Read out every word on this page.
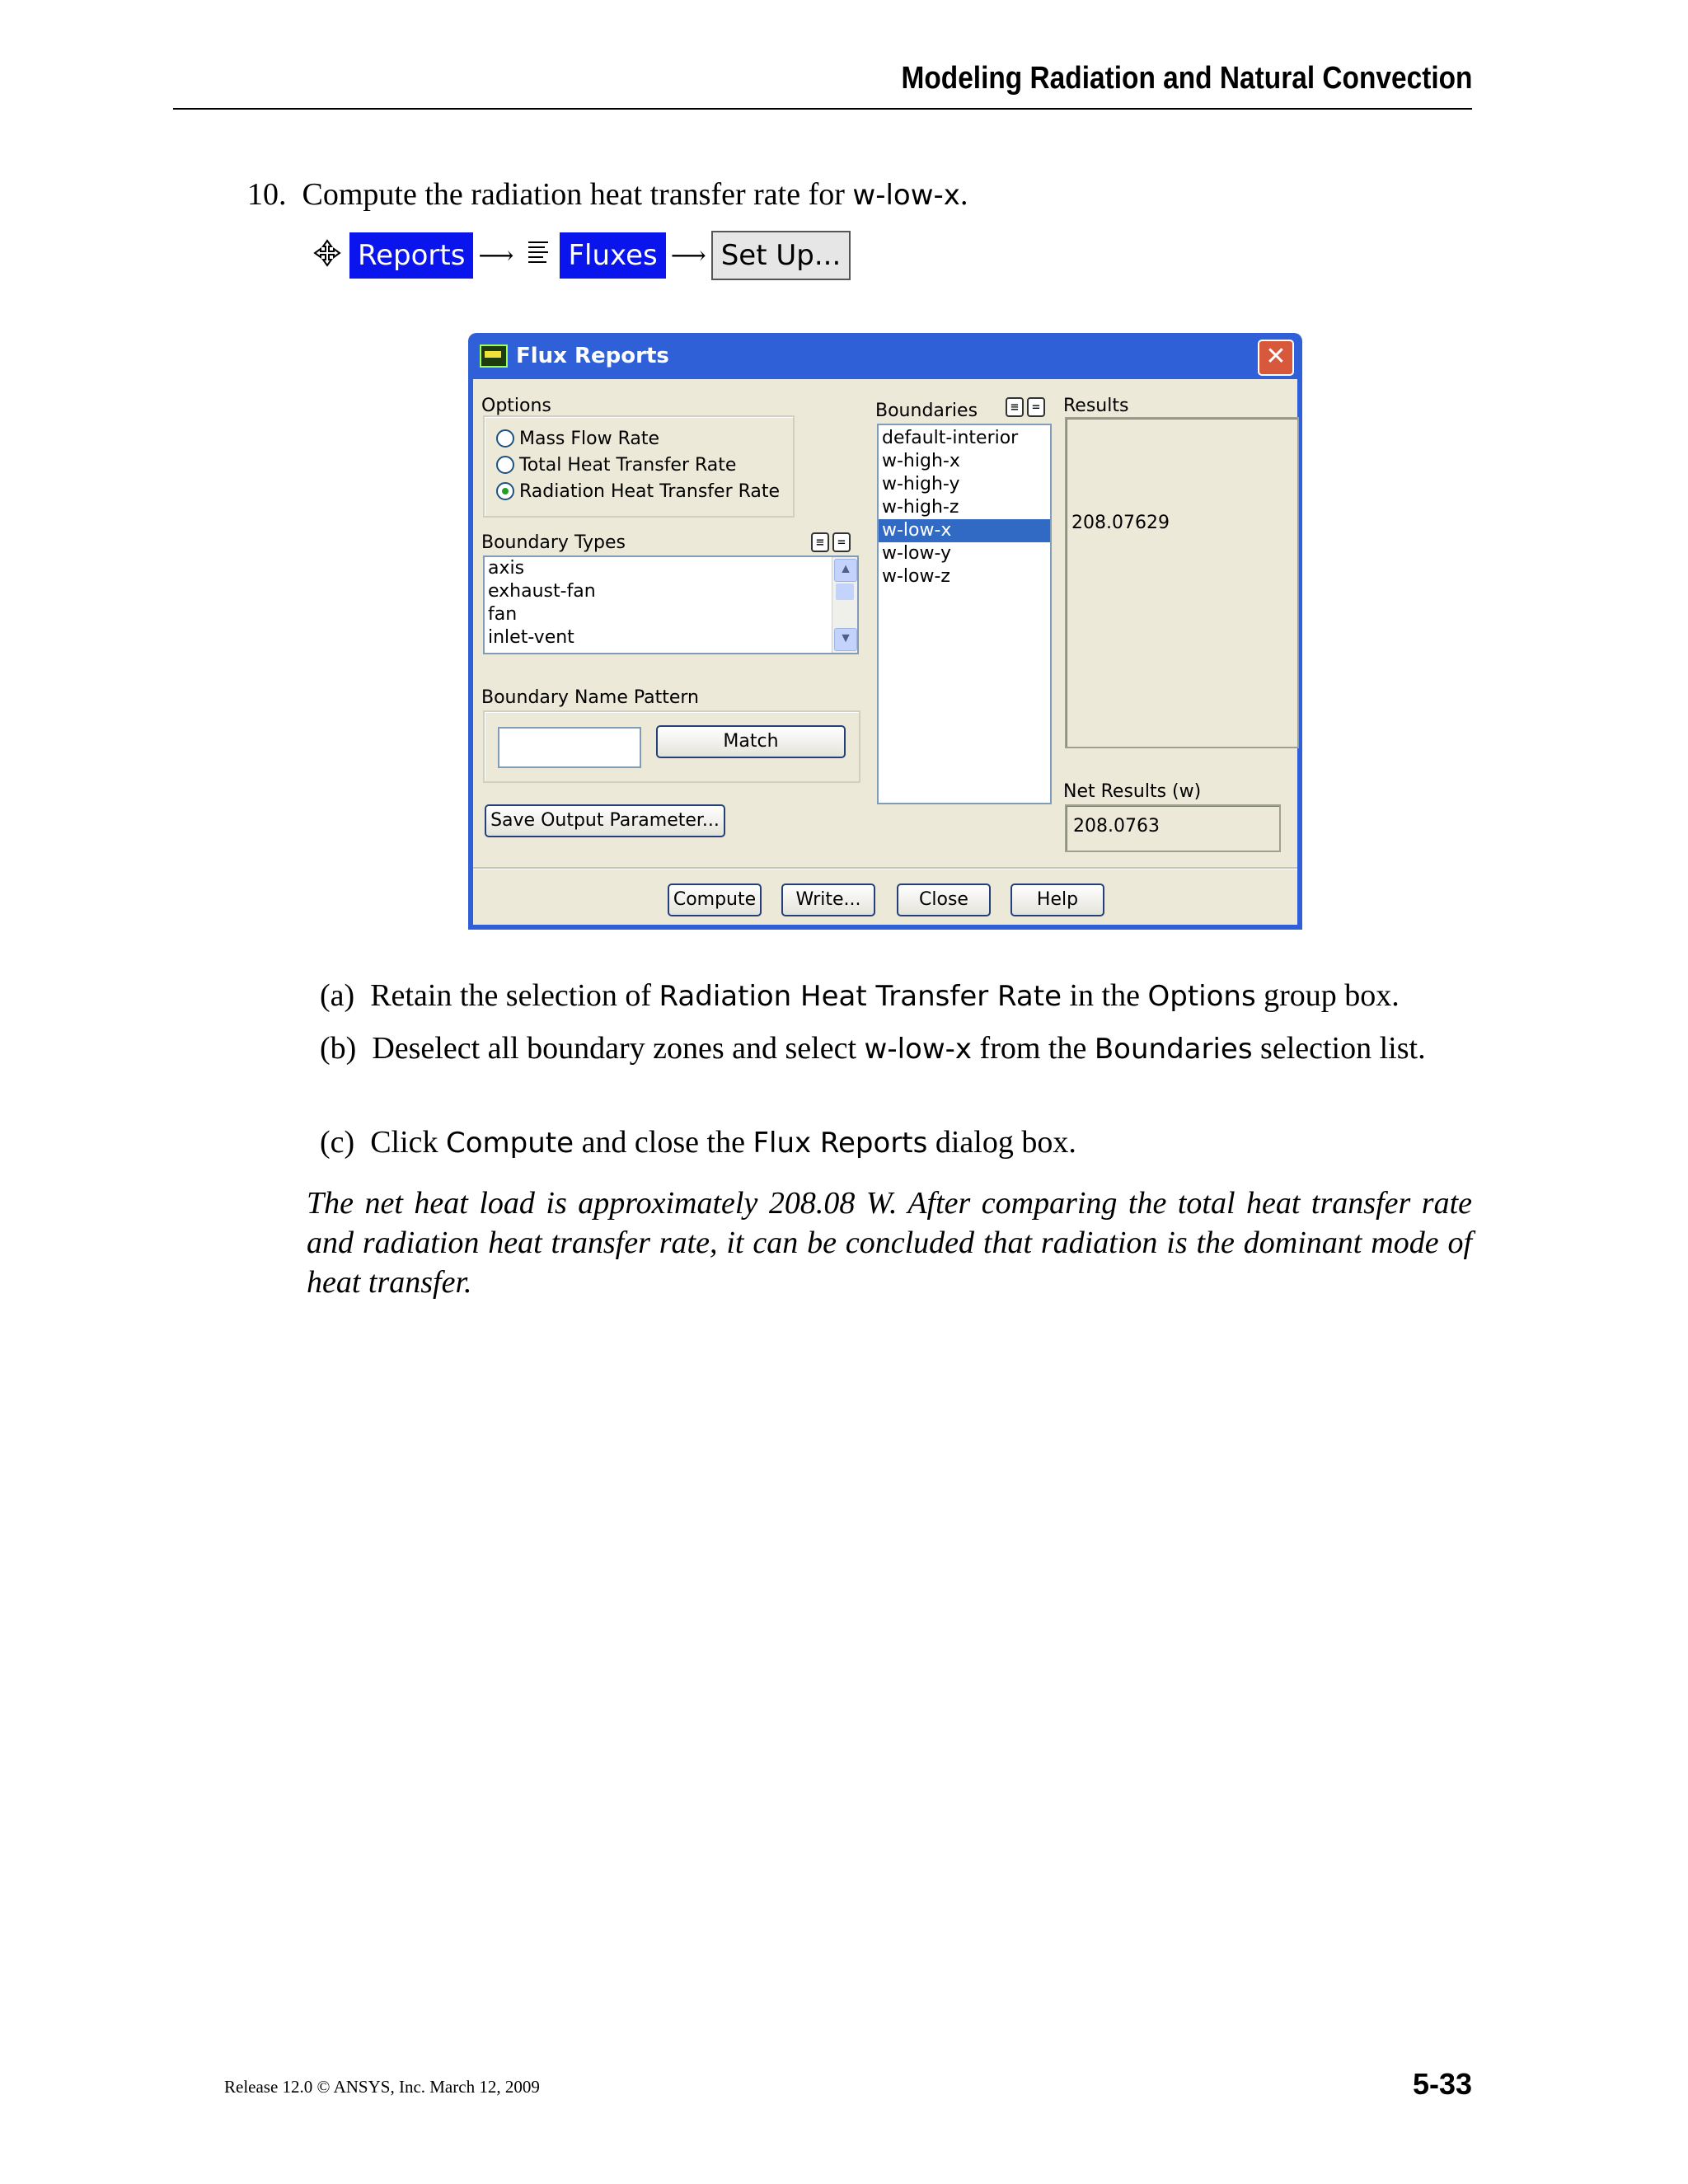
Modeling Radiation and Natural Convection
10. Compute the radiation heat transfer rate for w-low-x.
Reports ⟶ Fluxes ⟶ Set Up...
Flux Reports	✕
Options
Mass Flow Rate
Total Heat Transfer Rate
Radiation Heat Transfer Rate
Boundary Types	≡	=
axis
exhaust-fan
fan
inlet-vent
▲
▼
Boundary Name Pattern
Match
Save Output Parameter...
Boundaries	≡	=
default-interior
w-high-x
w-high-y
w-high-z
w-low-x
w-low-y
w-low-z
Results
208.07629
Net Results (w)
208.0763
Compute	Write...	Close	Help
(a) Retain the selection of Radiation Heat Transfer Rate in the Options group box.
(b) Deselect all boundary zones and select w-low-x from the Boundaries selection list.
(c) Click Compute and close the Flux Reports dialog box.
The net heat load is approximately 208.08 W. After comparing the total heat transfer rate and radiation heat transfer rate, it can be concluded that radiation is the dominant mode of heat transfer.
Release 12.0 © ANSYS, Inc. March 12, 2009	5-33
